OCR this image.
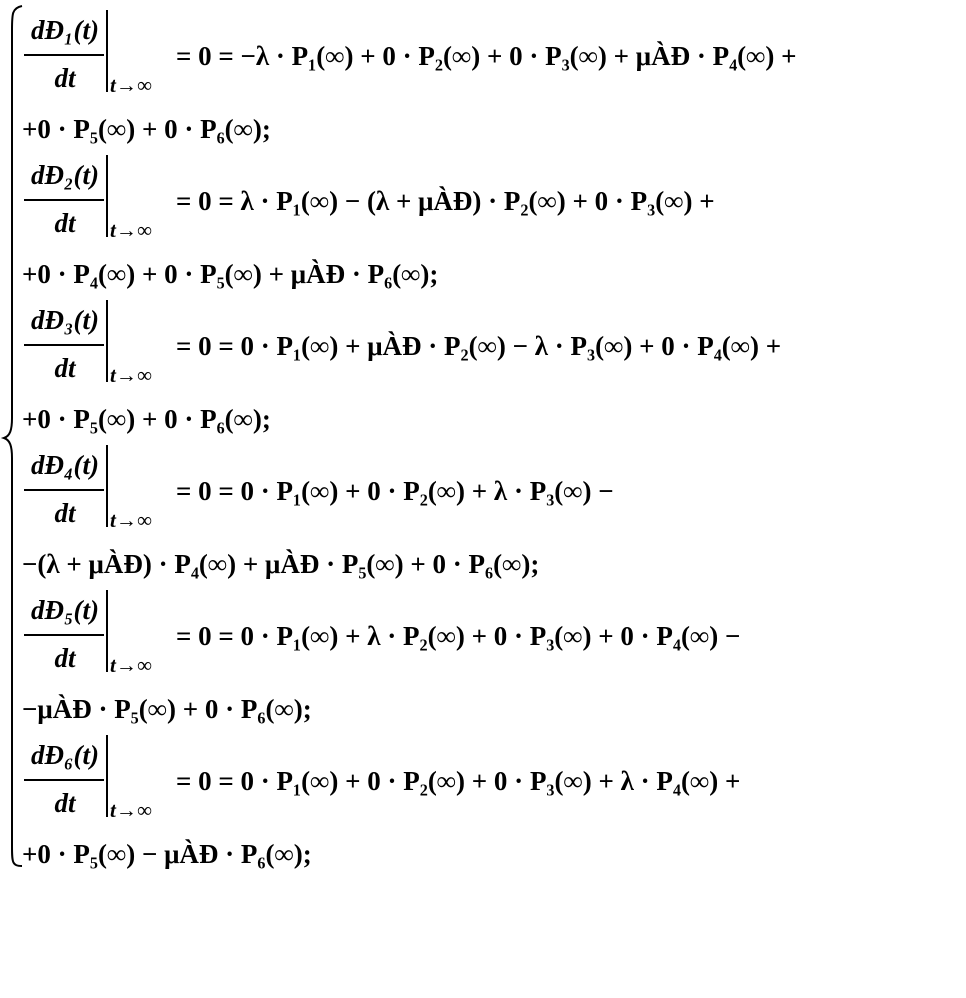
dÐ₁(t)
dt	t→∞
= 0 = −λ · P₁(∞) + 0 · P₂(∞) + 0 · P₃(∞) + μÀÐ · P₄(∞) +
+0 · P₅(∞) + 0 · P₆(∞);
dÐ₂(t)
dt	t→∞
= 0 = λ · P₁(∞) − (λ + μÀÐ) · P₂(∞) + 0 · P₃(∞) +
+0 · P₄(∞) + 0 · P₅(∞) + μÀÐ · P₆(∞);
dÐ₃(t)
dt	t→∞
= 0 = 0 · P₁(∞) + μÀÐ · P₂(∞) − λ · P₃(∞) + 0 · P₄(∞) +
+0 · P₅(∞) + 0 · P₆(∞);
dÐ₄(t)
dt	t→∞
= 0 = 0 · P₁(∞) + 0 · P₂(∞) + λ · P₃(∞) −
−(λ + μÀÐ) · P₄(∞) + μÀÐ · P₅(∞) + 0 · P₆(∞);
dÐ₅(t)
dt	t→∞
= 0 = 0 · P₁(∞) + λ · P₂(∞) + 0 · P₃(∞) + 0 · P₄(∞) −
−μÀÐ · P₅(∞) + 0 · P₆(∞);
dÐ₆(t)
dt	t→∞
= 0 = 0 · P₁(∞) + 0 · P₂(∞) + 0 · P₃(∞) + λ · P₄(∞) +
+0 · P₅(∞) − μÀÐ · P₆(∞);
